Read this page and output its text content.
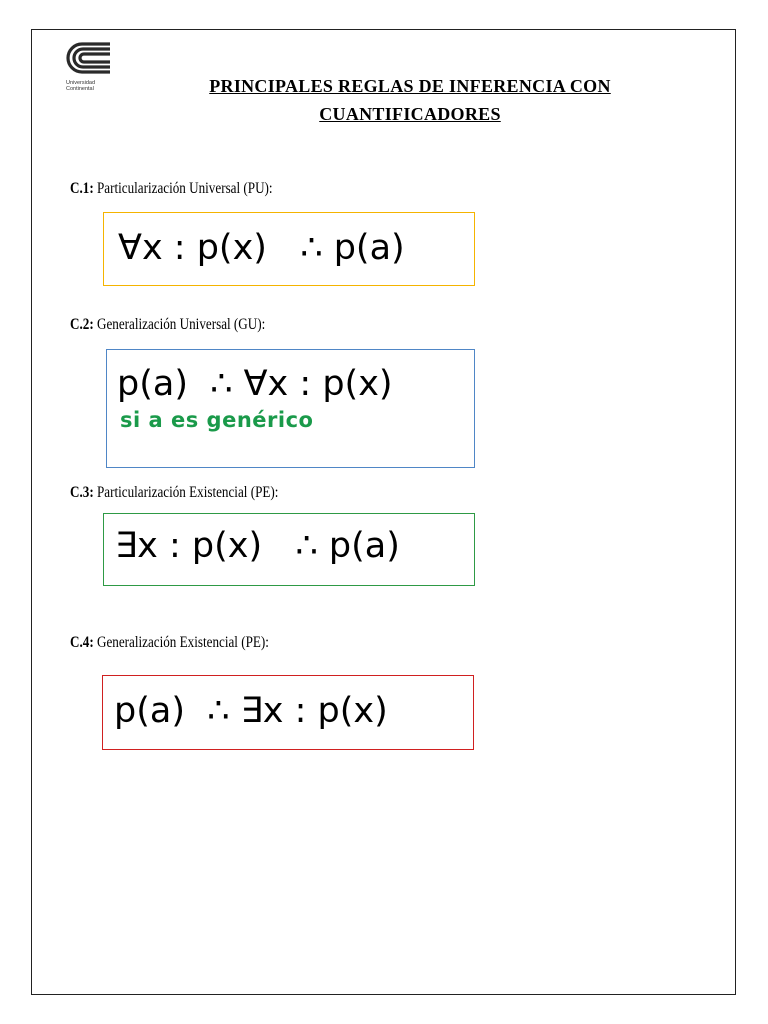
Universidad
Continental	PRINCIPALES REGLAS DE INFERENCIA CON
CUANTIFICADORES
C.1: Particularización Universal (PU):
∀x : p(x)   ∴ p(a)
C.2: Generalización Universal (GU):
p(a)  ∴ ∀x : p(x)
si a es genérico
C.3: Particularización Existencial (PE):
∃x : p(x)   ∴ p(a)
C.4: Generalización Existencial (PE):
p(a)  ∴ ∃x : p(x)
